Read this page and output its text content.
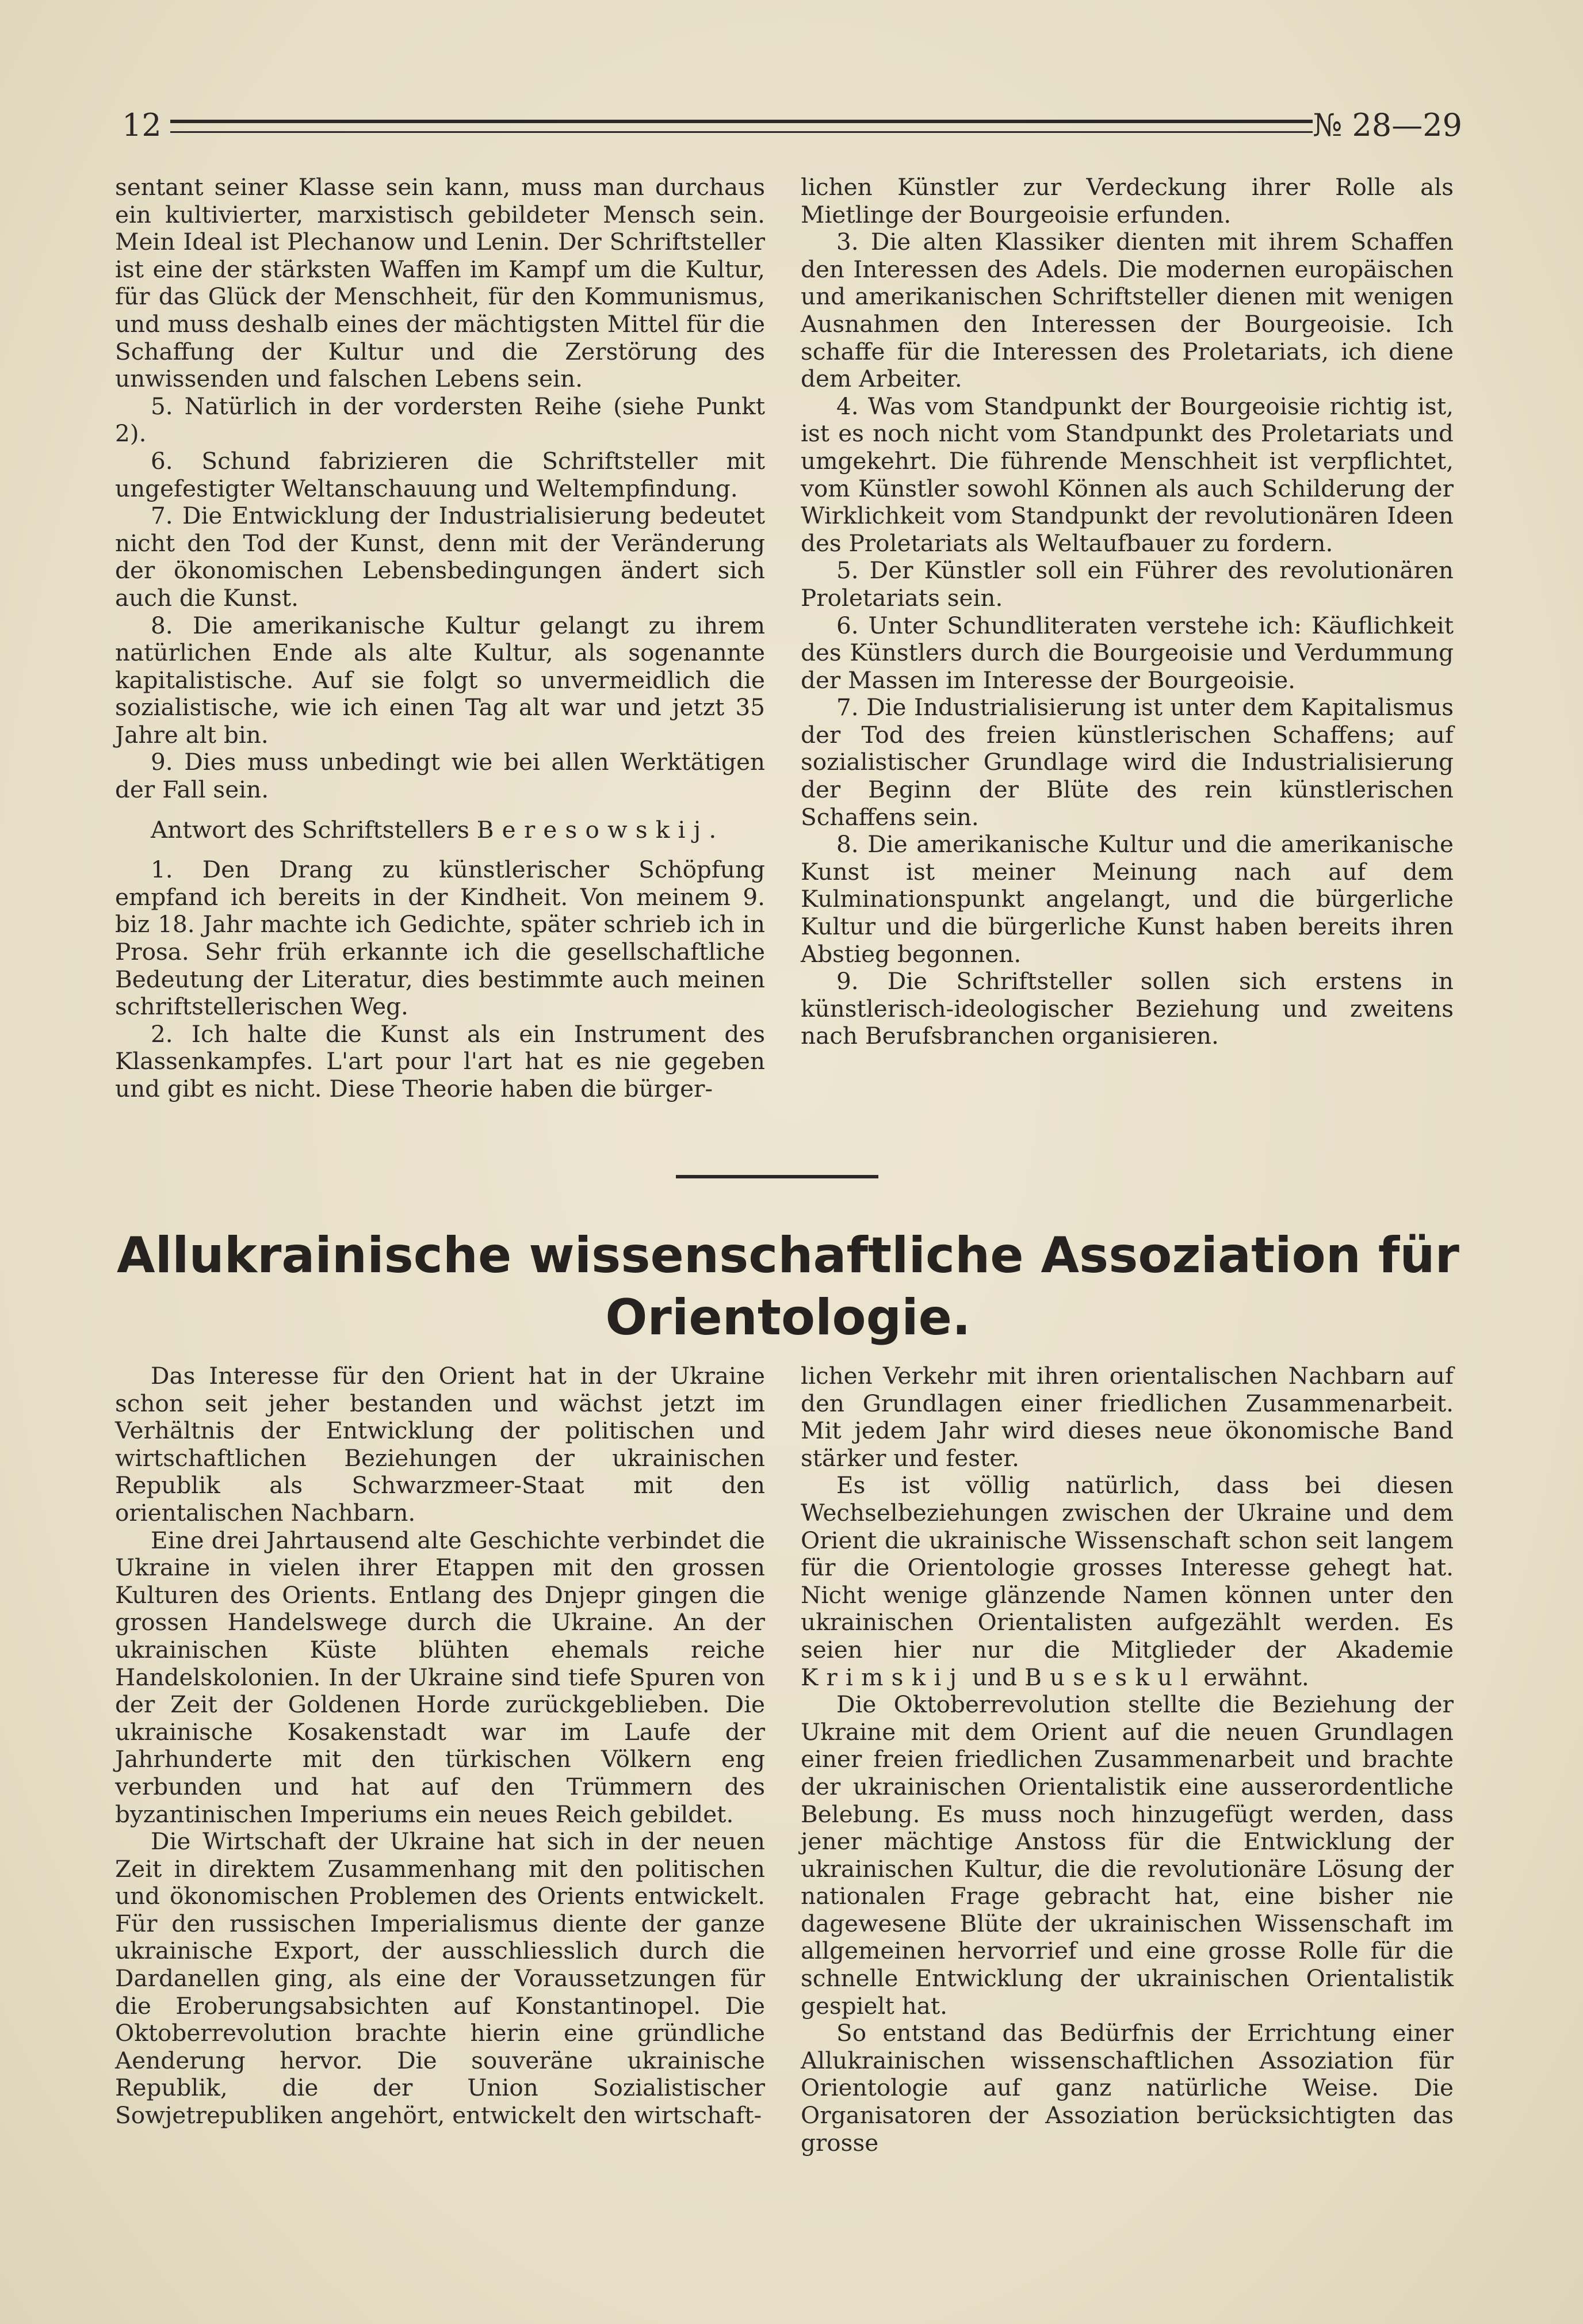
12	№ 28—29

sentant seiner Klasse sein kann, muss man durchaus ein kultivierter, marxistisch gebildeter Mensch sein. Mein Ideal ist Plechanow und Lenin. Der Schriftsteller ist eine der stärksten Waffen im Kampf um die Kultur, für das Glück der Menschheit, für den Kommunismus, und muss deshalb eines der mächtigsten Mittel für die Schaffung der Kultur und die Zerstörung des unwissenden und falschen Lebens sein.

5. Natürlich in der vordersten Reihe (siehe Punkt 2).

6. Schund fabrizieren die Schriftsteller mit ungefestigter Weltanschauung und Weltempfindung.

7. Die Entwicklung der Industrialisierung bedeutet nicht den Tod der Kunst, denn mit der Veränderung der ökonomischen Lebensbedingungen ändert sich auch die Kunst.

8. Die amerikanische Kultur gelangt zu ihrem natürlichen Ende als alte Kultur, als sogenannte kapitalistische. Auf sie folgt so unvermeidlich die sozialistische, wie ich einen Tag alt war und jetzt 35 Jahre alt bin.

9. Dies muss unbedingt wie bei allen Werktätigen der Fall sein.

Antwort des Schriftstellers Beresowskij.

1. Den Drang zu künstlerischer Schöpfung empfand ich bereits in der Kindheit. Von meinem 9. biz 18. Jahr machte ich Gedichte, später schrieb ich in Prosa. Sehr früh erkannte ich die gesellschaftliche Bedeutung der Literatur, dies bestimmte auch meinen schriftstellerischen Weg.

2. Ich halte die Kunst als ein Instrument des Klassenkampfes. L'art pour l'art hat es nie gegeben und gibt es nicht. Diese Theorie haben die bürger-

lichen Künstler zur Verdeckung ihrer Rolle als Mietlinge der Bourgeoisie erfunden.

3. Die alten Klassiker dienten mit ihrem Schaffen den Interessen des Adels. Die modernen europäischen und amerikanischen Schriftsteller dienen mit wenigen Ausnahmen den Interessen der Bourgeoisie. Ich schaffe für die Interessen des Proletariats, ich diene dem Arbeiter.

4. Was vom Standpunkt der Bourgeoisie richtig ist, ist es noch nicht vom Standpunkt des Proletariats und umgekehrt. Die führende Menschheit ist verpflichtet, vom Künstler sowohl Können als auch Schilderung der Wirklichkeit vom Standpunkt der revolutionären Ideen des Proletariats als Weltaufbauer zu fordern.

5. Der Künstler soll ein Führer des revolutionären Proletariats sein.

6. Unter Schundliteraten verstehe ich: Käuflichkeit des Künstlers durch die Bourgeoisie und Verdummung der Massen im Interesse der Bourgeoisie.

7. Die Industrialisierung ist unter dem Kapitalismus der Tod des freien künstlerischen Schaffens; auf sozialistischer Grundlage wird die Industrialisierung der Beginn der Blüte des rein künstlerischen Schaffens sein.

8. Die amerikanische Kultur und die amerikanische Kunst ist meiner Meinung nach auf dem Kulminationspunkt angelangt, und die bürgerliche Kultur und die bürgerliche Kunst haben bereits ihren Abstieg begonnen.

9. Die Schriftsteller sollen sich erstens in künstlerisch-ideologischer Beziehung und zweitens nach Berufsbranchen organisieren.

Allukrainische wissenschaftliche Assoziation für Orientologie.

Das Interesse für den Orient hat in der Ukraine schon seit jeher bestanden und wächst jetzt im Verhältnis der Entwicklung der politischen und wirtschaftlichen Beziehungen der ukrainischen Republik als Schwarzmeer-Staat mit den orientalischen Nachbarn.

Eine drei Jahrtausend alte Geschichte verbindet die Ukraine in vielen ihrer Etappen mit den grossen Kulturen des Orients. Entlang des Dnjepr gingen die grossen Handelswege durch die Ukraine. An der ukrainischen Küste blühten ehemals reiche Handelskolonien. In der Ukraine sind tiefe Spuren von der Zeit der Goldenen Horde zurückgeblieben. Die ukrainische Kosakenstadt war im Laufe der Jahrhunderte mit den türkischen Völkern eng verbunden und hat auf den Trümmern des byzantinischen Imperiums ein neues Reich gebildet.

Die Wirtschaft der Ukraine hat sich in der neuen Zeit in direktem Zusammenhang mit den politischen und ökonomischen Problemen des Orients entwickelt. Für den russischen Imperialismus diente der ganze ukrainische Export, der ausschliesslich durch die Dardanellen ging, als eine der Voraussetzungen für die Eroberungsabsichten auf Konstantinopel. Die Oktoberrevolution brachte hierin eine gründliche Aenderung hervor. Die souveräne ukrainische Republik, die der Union Sozialistischer Sowjetrepubliken angehört, entwickelt den wirtschaft-

lichen Verkehr mit ihren orientalischen Nachbarn auf den Grundlagen einer friedlichen Zusammenarbeit. Mit jedem Jahr wird dieses neue ökonomische Band stärker und fester.

Es ist völlig natürlich, dass bei diesen Wechselbeziehungen zwischen der Ukraine und dem Orient die ukrainische Wissenschaft schon seit langem für die Orientologie grosses Interesse gehegt hat. Nicht wenige glänzende Namen können unter den ukrainischen Orientalisten aufgezählt werden. Es seien hier nur die Mitglieder der Akademie Krimskij und Buseskul erwähnt.

Die Oktoberrevolution stellte die Beziehung der Ukraine mit dem Orient auf die neuen Grundlagen einer freien friedlichen Zusammenarbeit und brachte der ukrainischen Orientalistik eine ausserordentliche Belebung. Es muss noch hinzugefügt werden, dass jener mächtige Anstoss für die Entwicklung der ukrainischen Kultur, die die revolutionäre Lösung der nationalen Frage gebracht hat, eine bisher nie dagewesene Blüte der ukrainischen Wissenschaft im allgemeinen hervorrief und eine grosse Rolle für die schnelle Entwicklung der ukrainischen Orientalistik gespielt hat.

So entstand das Bedürfnis der Errichtung einer Allukrainischen wissenschaftlichen Assoziation für Orientologie auf ganz natürliche Weise. Die Organisatoren der Assoziation berücksichtigten das grosse
